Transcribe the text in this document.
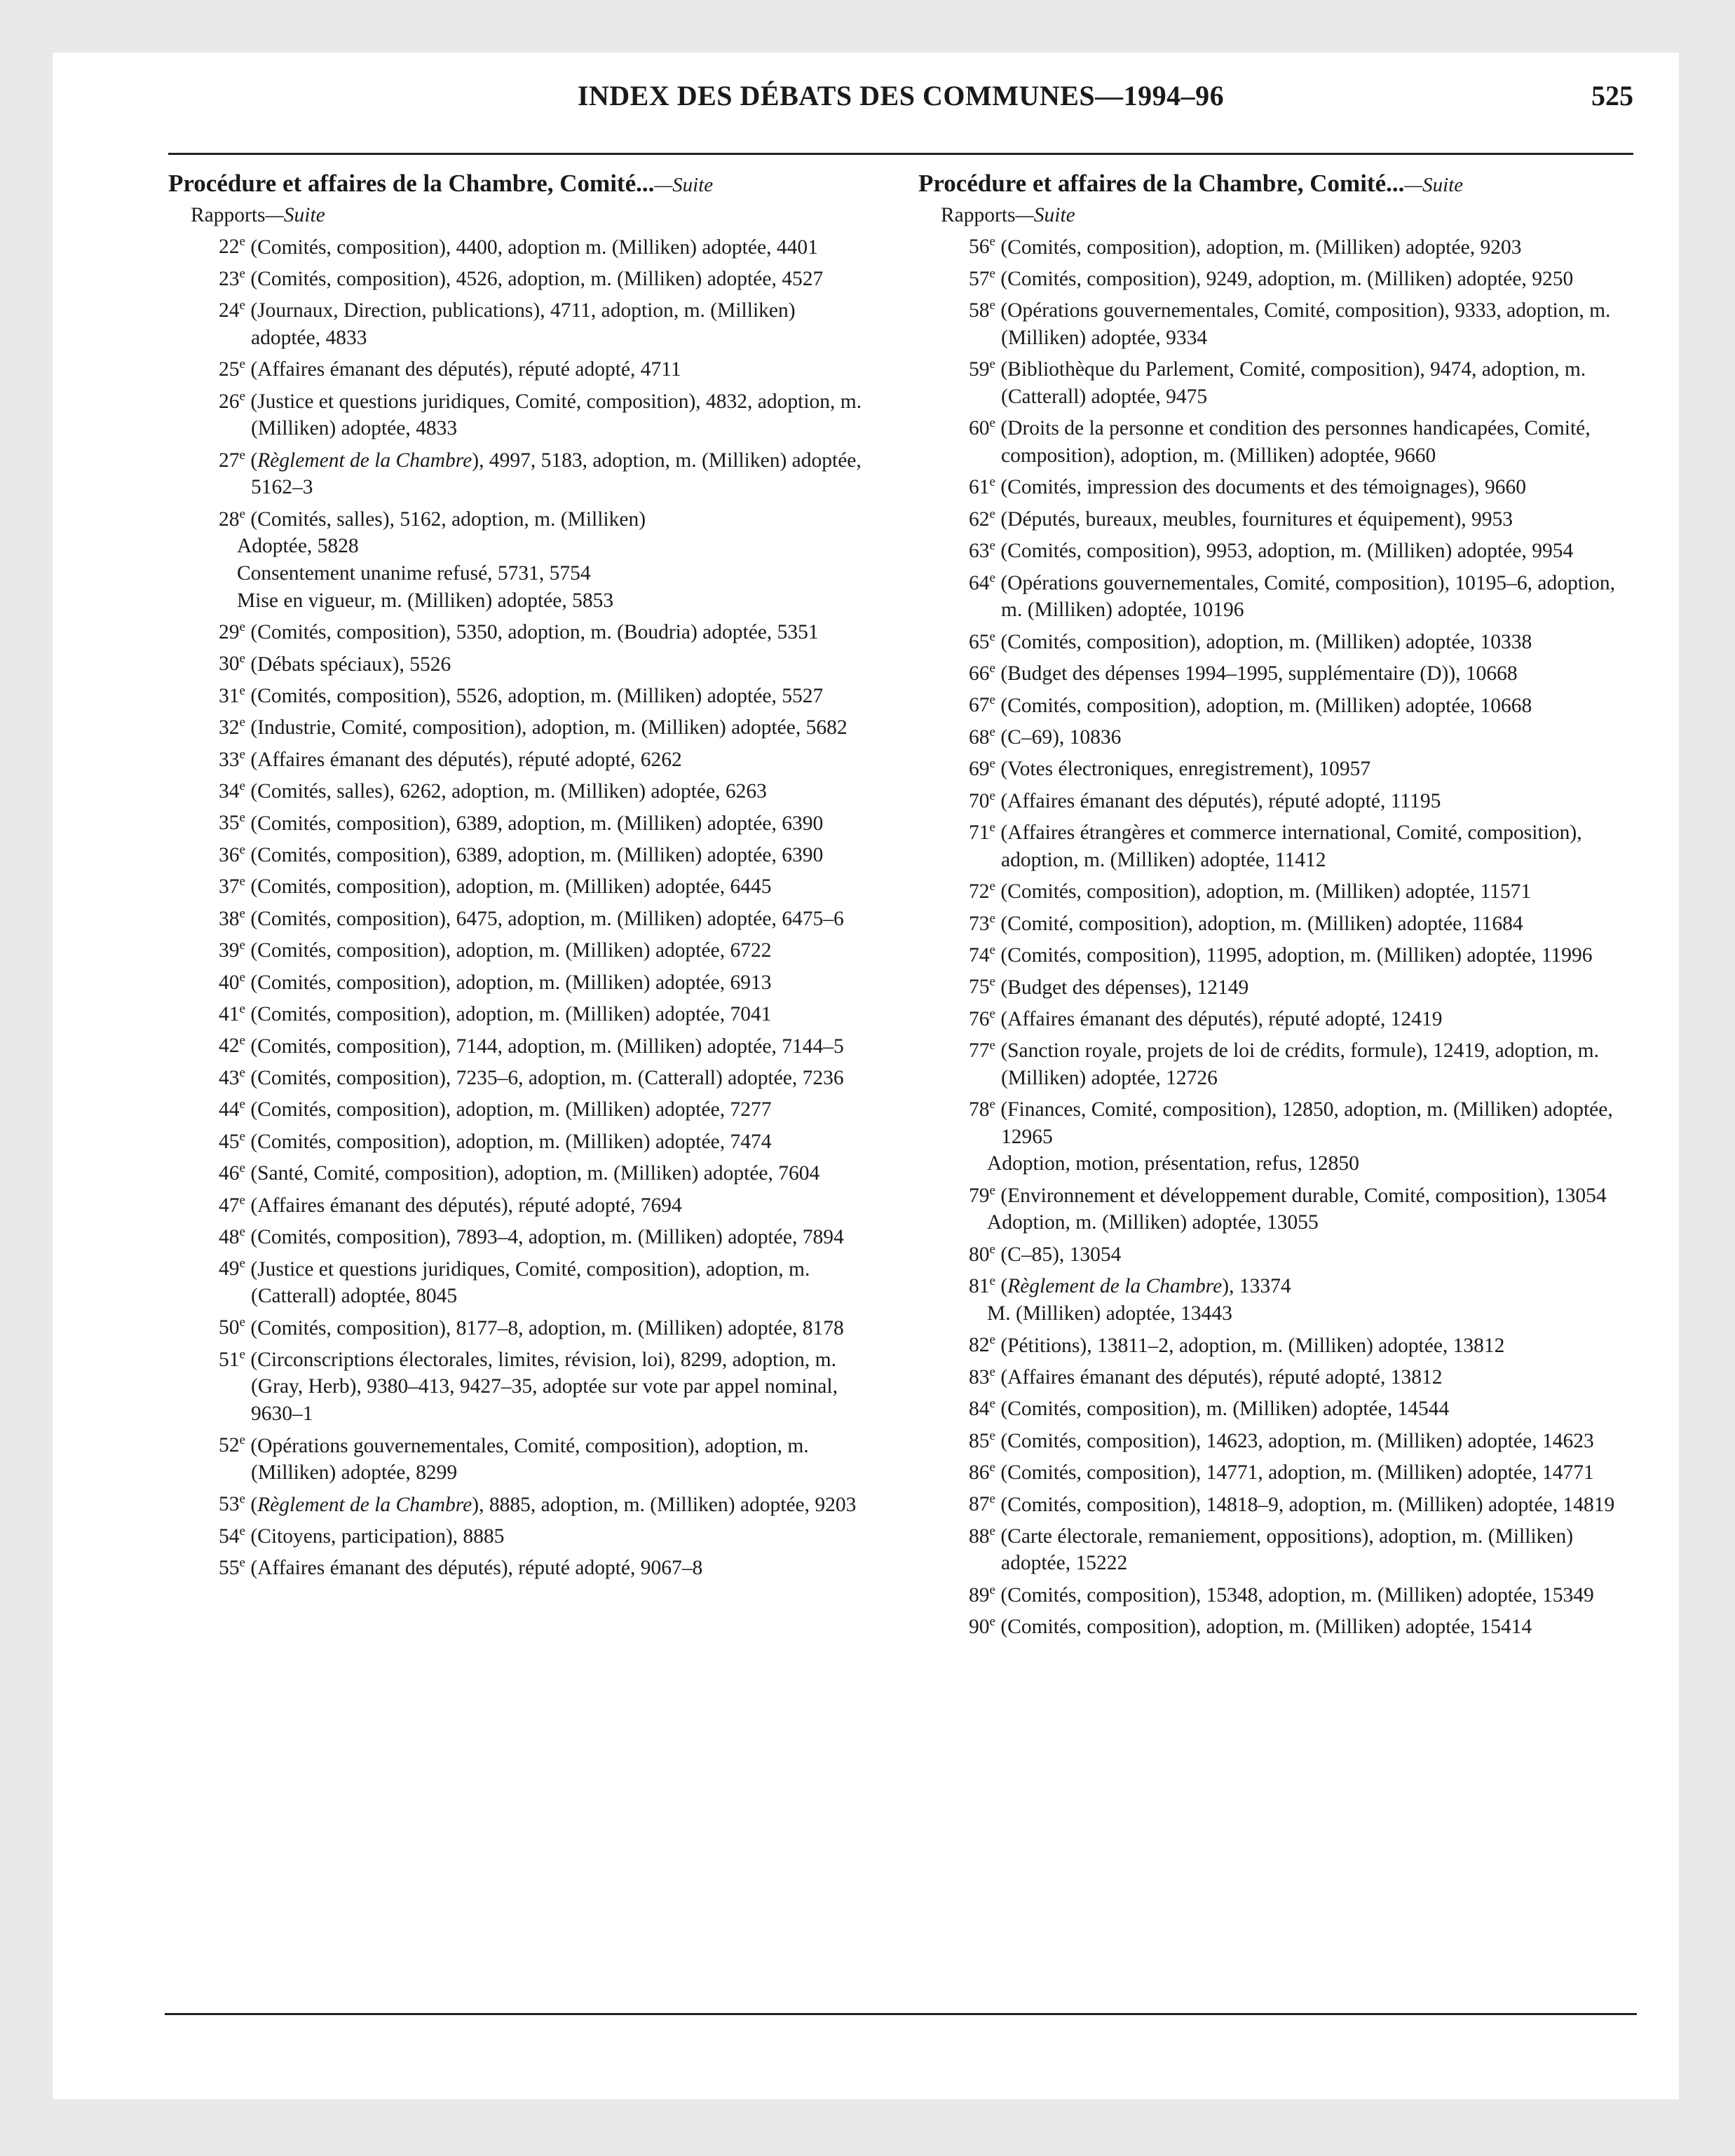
INDEX DES DÉBATS DES COMMUNES—1994–96	525
Procédure et affaires de la Chambre, Comité...—Suite
Rapports—Suite
22e (Comités, composition), 4400, adoption m. (Milliken) adoptée, 4401
23e (Comités, composition), 4526, adoption, m. (Milliken) adoptée, 4527
24e (Journaux, Direction, publications), 4711, adoption, m. (Milliken) adoptée, 4833
25e (Affaires émanant des députés), réputé adopté, 4711
26e (Justice et questions juridiques, Comité, composition), 4832, adoption, m. (Milliken) adoptée, 4833
27e (Règlement de la Chambre), 4997, 5183, adoption, m. (Milliken) adoptée, 5162–3
28e (Comités, salles), 5162, adoption, m. (Milliken)
Adoptée, 5828
Consentement unanime refusé, 5731, 5754
Mise en vigueur, m. (Milliken) adoptée, 5853
29e (Comités, composition), 5350, adoption, m. (Boudria) adoptée, 5351
30e (Débats spéciaux), 5526
31e (Comités, composition), 5526, adoption, m. (Milliken) adoptée, 5527
32e (Industrie, Comité, composition), adoption, m. (Milliken) adoptée, 5682
33e (Affaires émanant des députés), réputé adopté, 6262
34e (Comités, salles), 6262, adoption, m. (Milliken) adoptée, 6263
35e (Comités, composition), 6389, adoption, m. (Milliken) adoptée, 6390
36e (Comités, composition), 6389, adoption, m. (Milliken) adoptée, 6390
37e (Comités, composition), adoption, m. (Milliken) adoptée, 6445
38e (Comités, composition), 6475, adoption, m. (Milliken) adoptée, 6475–6
39e (Comités, composition), adoption, m. (Milliken) adoptée, 6722
40e (Comités, composition), adoption, m. (Milliken) adoptée, 6913
41e (Comités, composition), adoption, m. (Milliken) adoptée, 7041
42e (Comités, composition), 7144, adoption, m. (Milliken) adoptée, 7144–5
43e (Comités, composition), 7235–6, adoption, m. (Catterall) adoptée, 7236
44e (Comités, composition), adoption, m. (Milliken) adoptée, 7277
45e (Comités, composition), adoption, m. (Milliken) adoptée, 7474
46e (Santé, Comité, composition), adoption, m. (Milliken) adoptée, 7604
47e (Affaires émanant des députés), réputé adopté, 7694
48e (Comités, composition), 7893–4, adoption, m. (Milliken) adoptée, 7894
49e (Justice et questions juridiques, Comité, composition), adoption, m. (Catterall) adoptée, 8045
50e (Comités, composition), 8177–8, adoption, m. (Milliken) adoptée, 8178
51e (Circonscriptions électorales, limites, révision, loi), 8299, adoption, m. (Gray, Herb), 9380–413, 9427–35, adoptée sur vote par appel nominal, 9630–1
52e (Opérations gouvernementales, Comité, composition), adoption, m. (Milliken) adoptée, 8299
53e (Règlement de la Chambre), 8885, adoption, m. (Milliken) adoptée, 9203
54e (Citoyens, participation), 8885
55e (Affaires émanant des députés), réputé adopté, 9067–8
Procédure et affaires de la Chambre, Comité...—Suite
Rapports—Suite
56e (Comités, composition), adoption, m. (Milliken) adoptée, 9203
57e (Comités, composition), 9249, adoption, m. (Milliken) adoptée, 9250
58e (Opérations gouvernementales, Comité, composition), 9333, adoption, m. (Milliken) adoptée, 9334
59e (Bibliothèque du Parlement, Comité, composition), 9474, adoption, m. (Catterall) adoptée, 9475
60e (Droits de la personne et condition des personnes handicapées, Comité, composition), adoption, m. (Milliken) adoptée, 9660
61e (Comités, impression des documents et des témoignages), 9660
62e (Députés, bureaux, meubles, fournitures et équipement), 9953
63e (Comités, composition), 9953, adoption, m. (Milliken) adoptée, 9954
64e (Opérations gouvernementales, Comité, composition), 10195–6, adoption, m. (Milliken) adoptée, 10196
65e (Comités, composition), adoption, m. (Milliken) adoptée, 10338
66e (Budget des dépenses 1994–1995, supplémentaire (D)), 10668
67e (Comités, composition), adoption, m. (Milliken) adoptée, 10668
68e (C–69), 10836
69e (Votes électroniques, enregistrement), 10957
70e (Affaires émanant des députés), réputé adopté, 11195
71e (Affaires étrangères et commerce international, Comité, composition), adoption, m. (Milliken) adoptée, 11412
72e (Comités, composition), adoption, m. (Milliken) adoptée, 11571
73e (Comité, composition), adoption, m. (Milliken) adoptée, 11684
74e (Comités, composition), 11995, adoption, m. (Milliken) adoptée, 11996
75e (Budget des dépenses), 12149
76e (Affaires émanant des députés), réputé adopté, 12419
77e (Sanction royale, projets de loi de crédits, formule), 12419, adoption, m. (Milliken) adoptée, 12726
78e (Finances, Comité, composition), 12850, adoption, m. (Milliken) adoptée, 12965
Adoption, motion, présentation, refus, 12850
79e (Environnement et développement durable, Comité, composition), 13054
Adoption, m. (Milliken) adoptée, 13055
80e (C–85), 13054
81e (Règlement de la Chambre), 13374
M. (Milliken) adoptée, 13443
82e (Pétitions), 13811–2, adoption, m. (Milliken) adoptée, 13812
83e (Affaires émanant des députés), réputé adopté, 13812
84e (Comités, composition), m. (Milliken) adoptée, 14544
85e (Comités, composition), 14623, adoption, m. (Milliken) adoptée, 14623
86e (Comités, composition), 14771, adoption, m. (Milliken) adoptée, 14771
87e (Comités, composition), 14818–9, adoption, m. (Milliken) adoptée, 14819
88e (Carte électorale, remaniement, oppositions), adoption, m. (Milliken) adoptée, 15222
89e (Comités, composition), 15348, adoption, m. (Milliken) adoptée, 15349
90e (Comités, composition), adoption, m. (Milliken) adoptée, 15414
